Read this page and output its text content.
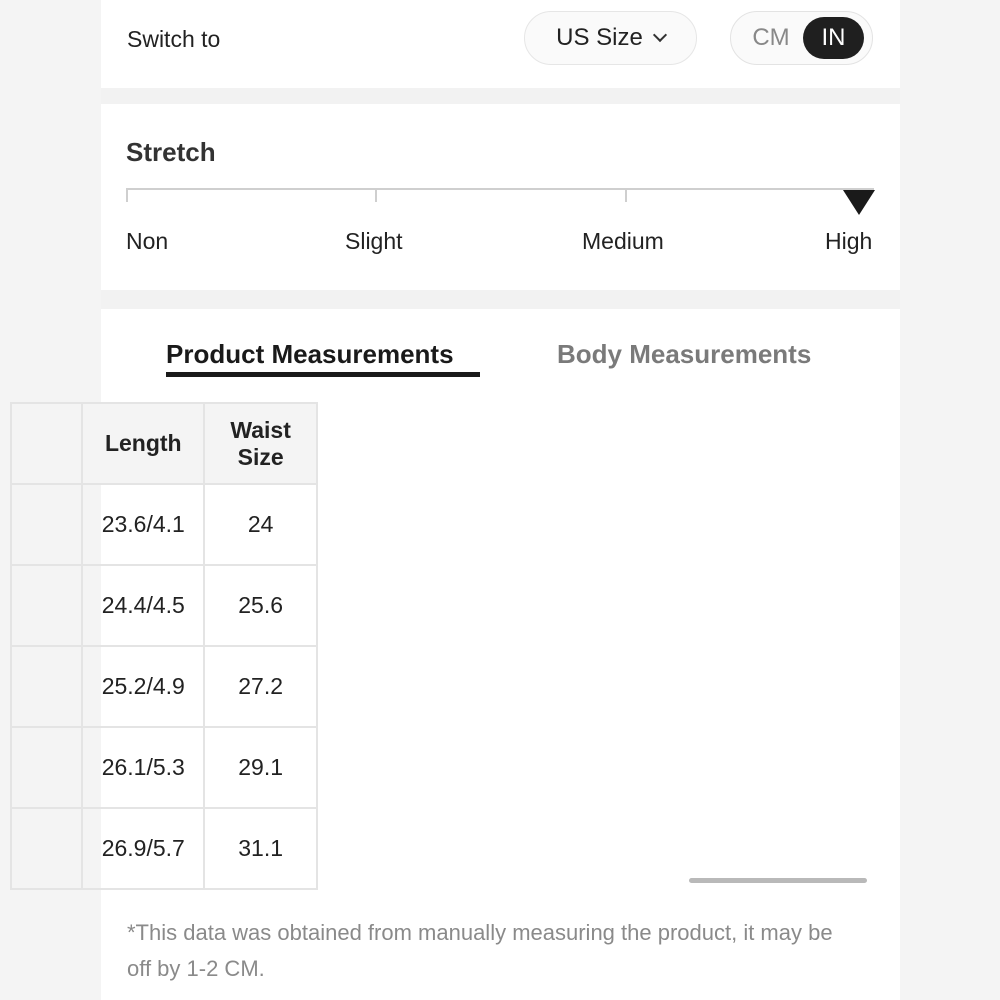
Switch to	US Size	CM	IN
Stretch
Non	Slight	Medium	High
Product Measurements	Body Measurements
	Length	Waist Size
	23.6/4.1	24
	24.4/4.5	25.6
	25.2/4.9	27.2
	26.1/5.3	29.1
	26.9/5.7	31.1

*This data was obtained from manually measuring the product, it may be off by 1-2 CM.
